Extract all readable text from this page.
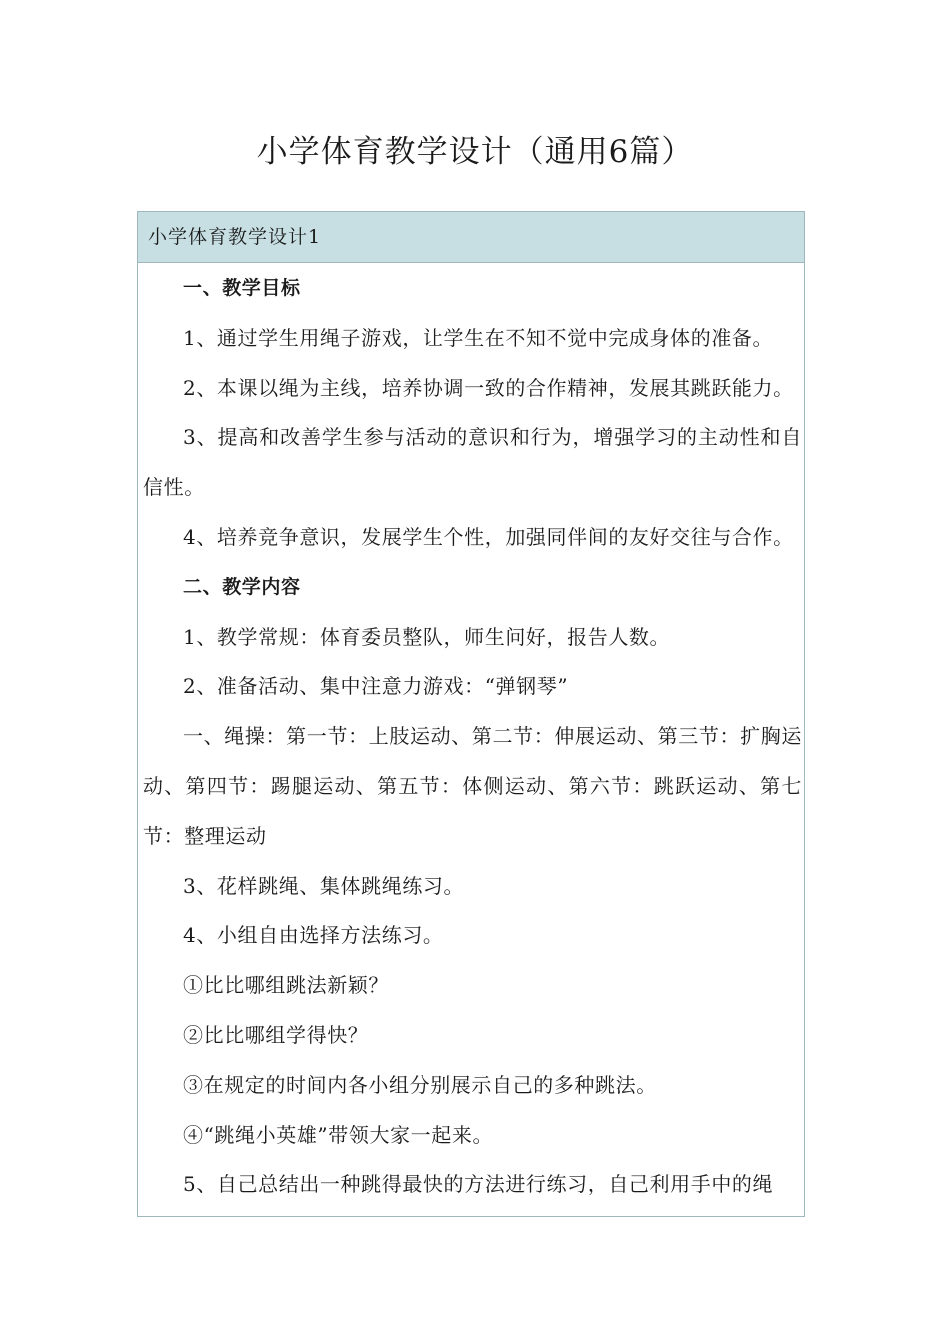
小学体育教学设计（通用6篇）
小学体育教学设计1

一、教学目标

1、通过学生用绳子游戏，让学生在不知不觉中完成身体的准备。

2、本课以绳为主线，培养协调一致的合作精神，发展其跳跃能力。

3、提高和改善学生参与活动的意识和行为，增强学习的主动性和自信性。

4、培养竞争意识，发展学生个性，加强同伴间的友好交往与合作。

二、教学内容

1、教学常规：体育委员整队，师生问好，报告人数。

2、准备活动、集中注意力游戏：“弹钢琴”

一、绳操：第一节：上肢运动、第二节：伸展运动、第三节：扩胸运动、第四节：踢腿运动、第五节：体侧运动、第六节：跳跃运动、第七节：整理运动

3、花样跳绳、集体跳绳练习。

4、小组自由选择方法练习。

①比比哪组跳法新颖？

②比比哪组学得快？

③在规定的时间内各小组分别展示自己的多种跳法。

④“跳绳小英雄”带领大家一起来。

5、自己总结出一种跳得最快的方法进行练习，自己利用手中的绳
